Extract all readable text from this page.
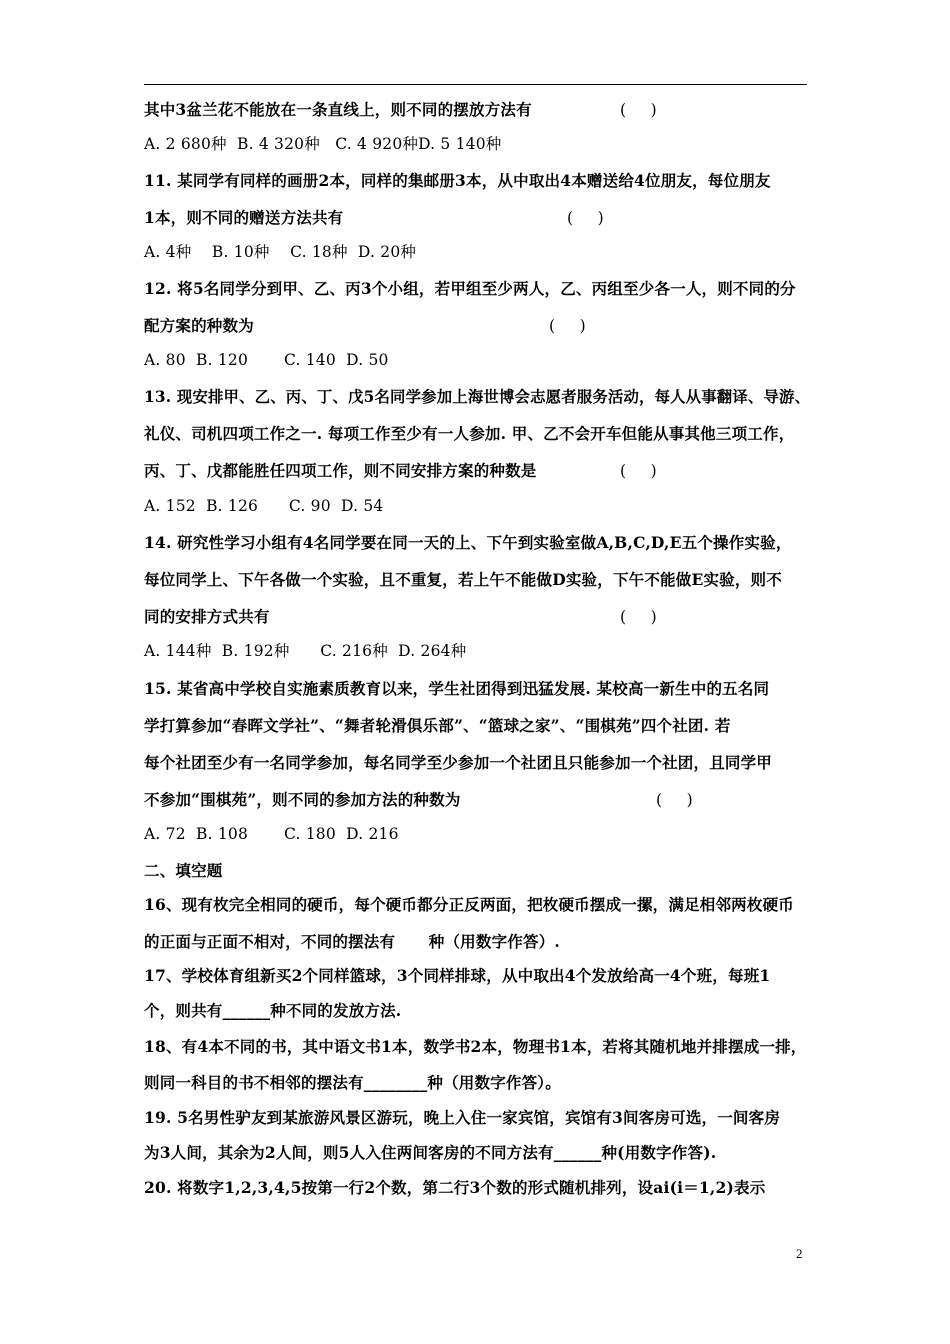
其中3盆兰花不能放在一条直线上，则不同的摆放方法有	(     )
A. 2 680种  B. 4 320种   C. 4 920种D. 5 140种
11. 某同学有同样的画册2本，同样的集邮册3本，从中取出4本赠送给4位朋友，每位朋友
1本，则不同的赠送方法共有	(     )
A. 4种    B. 10种    C. 18种  D. 20种
12. 将5名同学分到甲、乙、丙3个小组，若甲组至少两人，乙、丙组至少各一人，则不同的分
配方案的种数为	(     )
A. 80  B. 120       C. 140  D. 50
13. 现安排甲、乙、丙、丁、戊5名同学参加上海世博会志愿者服务活动，每人从事翻译、导游、
礼仪、司机四项工作之一. 每项工作至少有一人参加. 甲、乙不会开车但能从事其他三项工作，
丙、丁、戊都能胜任四项工作，则不同安排方案的种数是	(     )
A. 152  B. 126      C. 90  D. 54
14. 研究性学习小组有4名同学要在同一天的上、下午到实验室做A,B,C,D,E五个操作实验，
每位同学上、下午各做一个实验，且不重复，若上午不能做D实验，下午不能做E实验，则不
同的安排方式共有	(     )
A. 144种  B. 192种      C. 216种  D. 264种
15. 某省高中学校自实施素质教育以来，学生社团得到迅猛发展. 某校高一新生中的五名同
学打算参加“春晖文学社”、“舞者轮滑俱乐部”、“篮球之家”、“围棋苑”四个社团. 若
每个社团至少有一名同学参加，每名同学至少参加一个社团且只能参加一个社团，且同学甲
不参加“围棋苑”，则不同的参加方法的种数为	(     )
A. 72  B. 108       C. 180  D. 216
二、填空题
16、现有枚完全相同的硬币，每个硬币都分正反两面，把枚硬币摆成一摞，满足相邻两枚硬币
的正面与正面不相对，不同的摆法有      种（用数字作答）.
17、学校体育组新买2个同样篮球，3个同样排球，从中取出4个发放给高一4个班，每班1
个，则共有______种不同的发放方法.
18、有4本不同的书，其中语文书1本，数学书2本，物理书1本，若将其随机地并排摆成一排，
则同一科目的书不相邻的摆法有________种（用数字作答）。
19. 5名男性驴友到某旅游风景区游玩，晚上入住一家宾馆，宾馆有3间客房可选，一间客房
为3人间，其余为2人间，则5人入住两间客房的不同方法有______种(用数字作答).
20. 将数字1,2,3,4,5按第一行2个数，第二行3个数的形式随机排列，设ai(i＝1,2)表示
2
